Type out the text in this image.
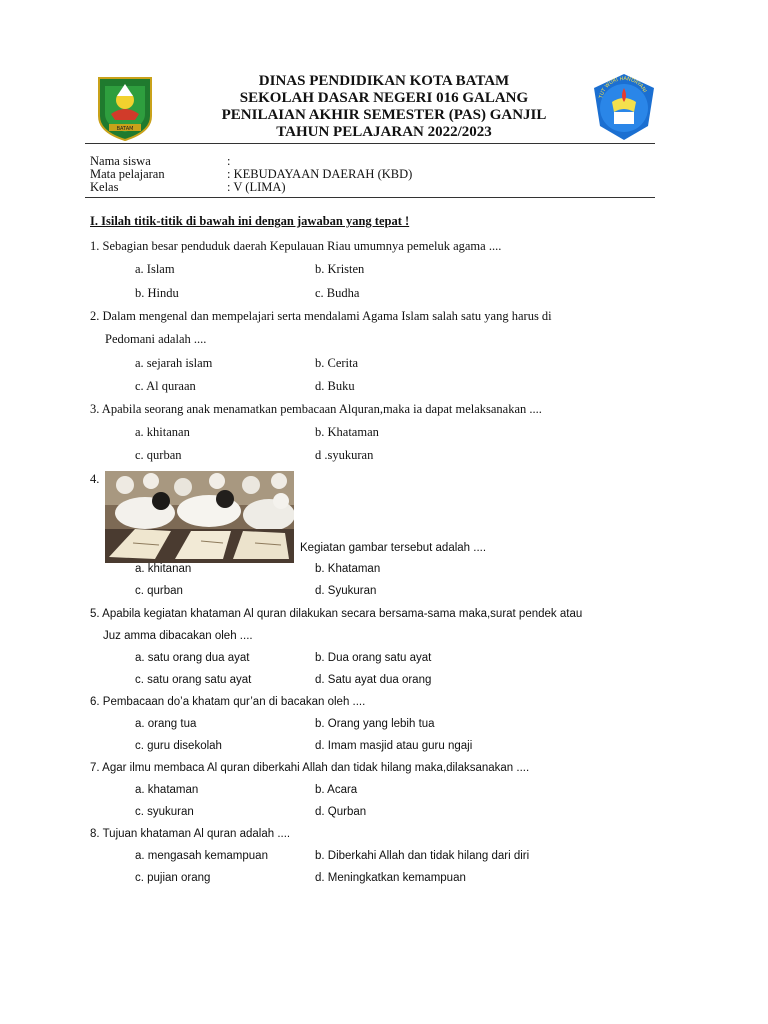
BATAM
TUT WURI HANDAYANI
DINAS PENDIDIKAN KOTA BATAM
SEKOLAH DASAR NEGERI 016 GALANG
PENILAIAN AKHIR SEMESTER (PAS) GANJIL
TAHUN PELAJARAN 2022/2023
Nama siswa	:
Mata pelajaran	: KEBUDAYAAN DAERAH (KBD)
Kelas	: V (LIMA)
I. Isilah titik-titik di bawah ini dengan jawaban yang tepat !
1. Sebagian besar penduduk daerah Kepulauan Riau umumnya pemeluk agama ....
a. Islam	b. Kristen
b. Hindu	c. Budha
2. Dalam mengenal dan mempelajari serta mendalami Agama Islam salah satu yang harus di
Pedomani adalah ....
a. sejarah islam	b. Cerita
c. Al quraan	d. Buku
3. Apabila seorang anak menamatkan pembacaan Alquran,maka ia dapat melaksanakan ....
a. khitanan	b. Khataman
c. qurban	d .syukuran
4.
Kegiatan gambar tersebut adalah ....
a. khitanan	b. Khataman
c. qurban	d. Syukuran
5. Apabila kegiatan khataman Al quran dilakukan secara bersama-sama maka,surat pendek atau
Juz amma dibacakan oleh ....
a. satu orang dua ayat	b. Dua orang satu ayat
c. satu orang satu ayat	d. Satu ayat dua orang
6. Pembacaan do’a khatam qur’an di bacakan oleh ....
a. orang tua	b. Orang yang lebih tua
c. guru disekolah	d. Imam masjid atau guru ngaji
7. Agar ilmu membaca Al quran diberkahi Allah dan tidak hilang maka,dilaksanakan ....
a. khataman	b. Acara
c. syukuran	d. Qurban
8. Tujuan khataman Al quran adalah ....
a. mengasah kemampuan	b. Diberkahi Allah dan tidak hilang dari diri
c. pujian orang	d. Meningkatkan kemampuan
